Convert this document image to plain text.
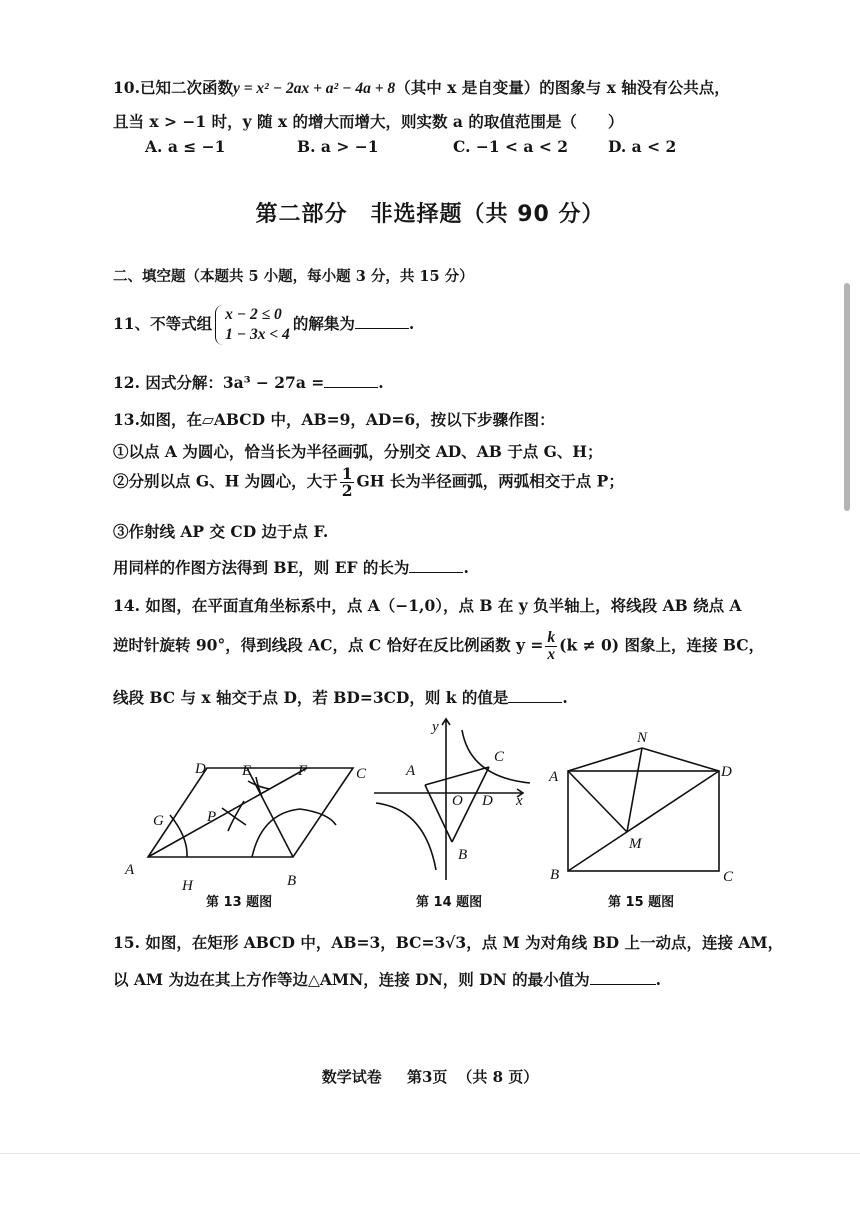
10.已知二次函数y = x² − 2ax + a² − 4a + 8（其中 x 是自变量）的图象与 x 轴没有公共点，
且当 x > −1 时，y 随 x 的增大而增大，则实数 a 的取值范围是（　　）
A. a ≤ −1	B. a > −1	C. −1 < a < 2	D. a < 2
第二部分　非选择题（共 90 分）
二、填空题（本题共 5 小题，每小题 3 分，共 15 分）
11、不等式组 x − 2 ≤ 0
1 − 3x < 4
的解集为	.
12. 因式分解：3a³ − 27a =	.
13.如图，在▱ABCD 中，AB=9，AD=6，按以下步骤作图：
①以点 A 为圆心，恰当长为半径画弧，分别交 AD、AB 于点 G、H；
②分别以点 G、H 为圆心，大于 $\frac{1}{2}$ GH 长为半径画弧，两弧相交于点 P；
③作射线 AP 交 CD 边于点 F.
用同样的作图方法得到 BE，则 EF 的长为	.
14. 如图，在平面直角坐标系中，点 A（−1,0），点 B 在 y 负半轴上，将线段 AB 绕点 A
逆时针旋转 90°，得到线段 AC，点 C 恰好在反比例函数 $y = \frac{k}{x} (k \ne 0)$ 图象上，连接 BC，
线段 BC 与 x 轴交于点 D，若 BD=3CD，则 k 的值是	.
D E	F	C
G	P
A
H	B
第 13 题图
y
A
C
O D x
B
第 14 题图
N
A	D
M
B	C
第 15 题图
15. 如图，在矩形 ABCD 中，AB=3，BC=3√3，点 M 为对角线 BD 上一动点，连接 AM，
以 AM 为边在其上方作等边△AMN，连接 DN，则 DN 的最小值为	.
数学试卷 第3页 （共 8 页）
